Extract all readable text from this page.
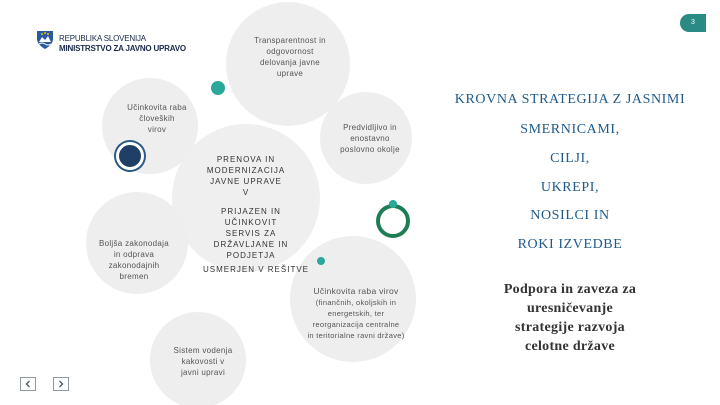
3
REPUBLIKA SLOVENIJA
MINISTRSTVO ZA JAVNO UPRAVO
Transparentnost in
odgovornost
delovanja javne
uprave
Učinkovita raba
človeških
virov	Predvidljivo in
enostavno
poslovno okolje
PRENOVA IN
MODERNIZACIJA
JAVNE UPRAVE
V
PRIJAZEN IN
UČINKOVIT
SERVIS ZA
DRŽAVLJANE IN
PODJETJA
USMERJEN V REŠITVE
Boljša zakonodaja
in odprava
zakonodajnih
bremen
Učinkovita raba virov
(finančnih, okoljskih in
energetskih, ter
reorganizacija centralne
in teritorialne ravni države)
Sistem vodenja
kakovosti v
javni upravi
KROVNA STRATEGIJA Z JASNIMI
SMERNICAMI,
CILJI,
UKREPI,
NOSILCI IN
ROKI IZVEDBE
Podpora in zaveza za
uresničevanje
strategije razvoja
celotne države
